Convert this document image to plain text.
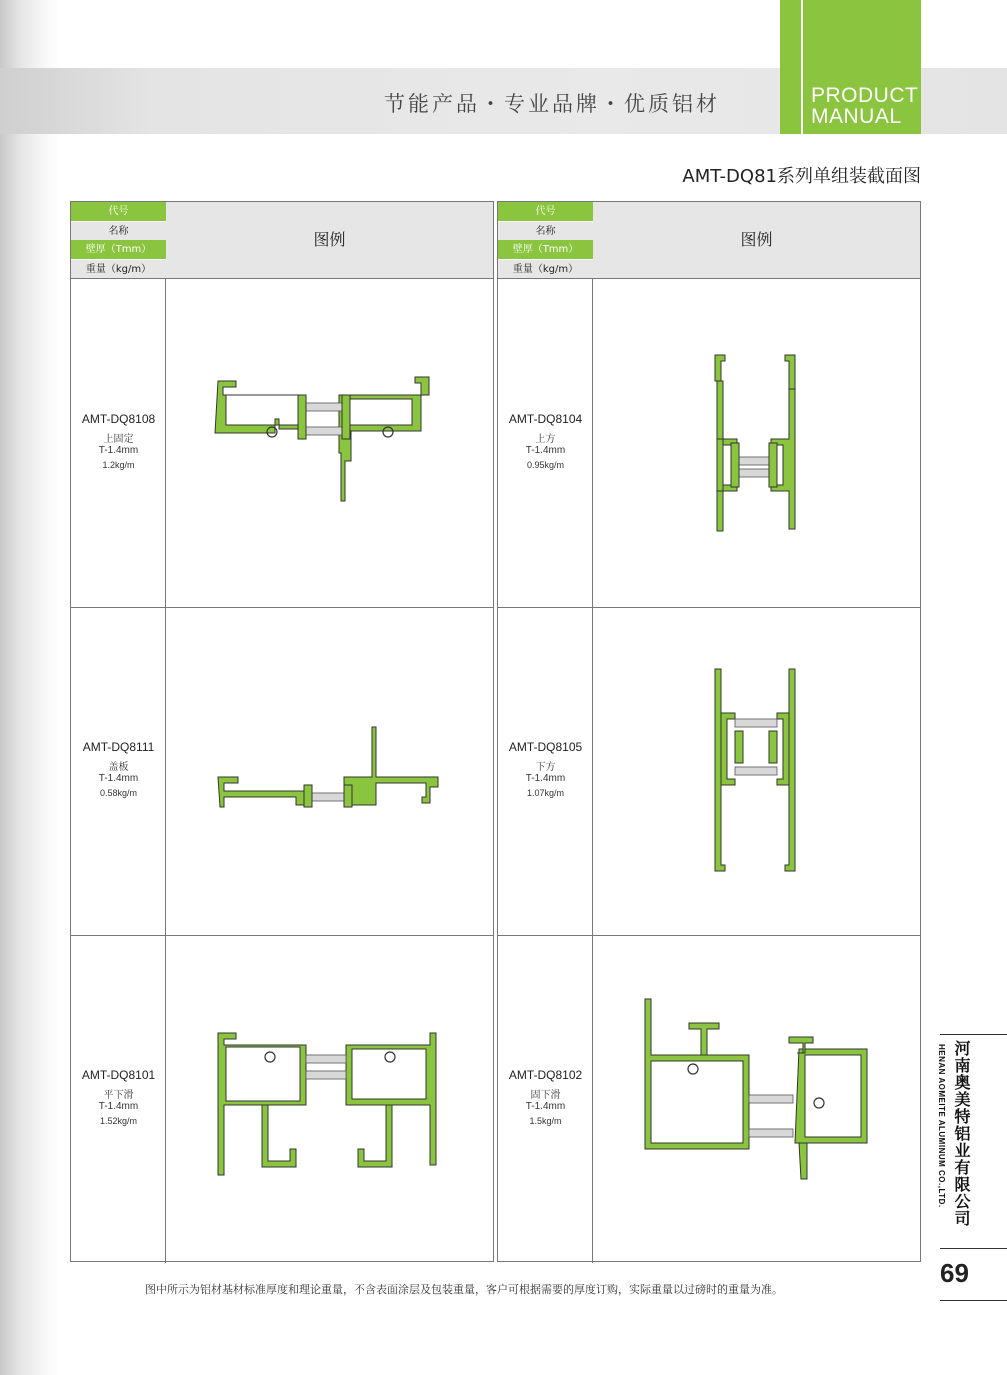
节能产品・专业品牌・优质铝材	PRODUCT
MANUAL
AMT-DQ81系列单组装截面图
代号
名称
壁厚（Tmm）
重量（kg/m）
图例
AMT-DQ8108
上固定
T-1.4mm
1.2kg/m
AMT-DQ8111
盖板
T-1.4mm
0.58kg/m
AMT-DQ8101
平下滑
T-1.4mm
1.52kg/m
代号
名称
壁厚（Tmm）
重量（kg/m）
图例
AMT-DQ8104
上方
T-1.4mm
0.95kg/m
AMT-DQ8105
下方
T-1.4mm
1.07kg/m
AMT-DQ8102
固下滑
T-1.4mm
1.5kg/m	河南奥美特铝业有限公司
HENAN AOMEITE ALUMINUM CO.,LTD.
69
图中所示为铝材基材标准厚度和理论重量，不含表面涂层及包装重量，客户可根据需要的厚度订购，实际重量以过磅时的重量为准。
